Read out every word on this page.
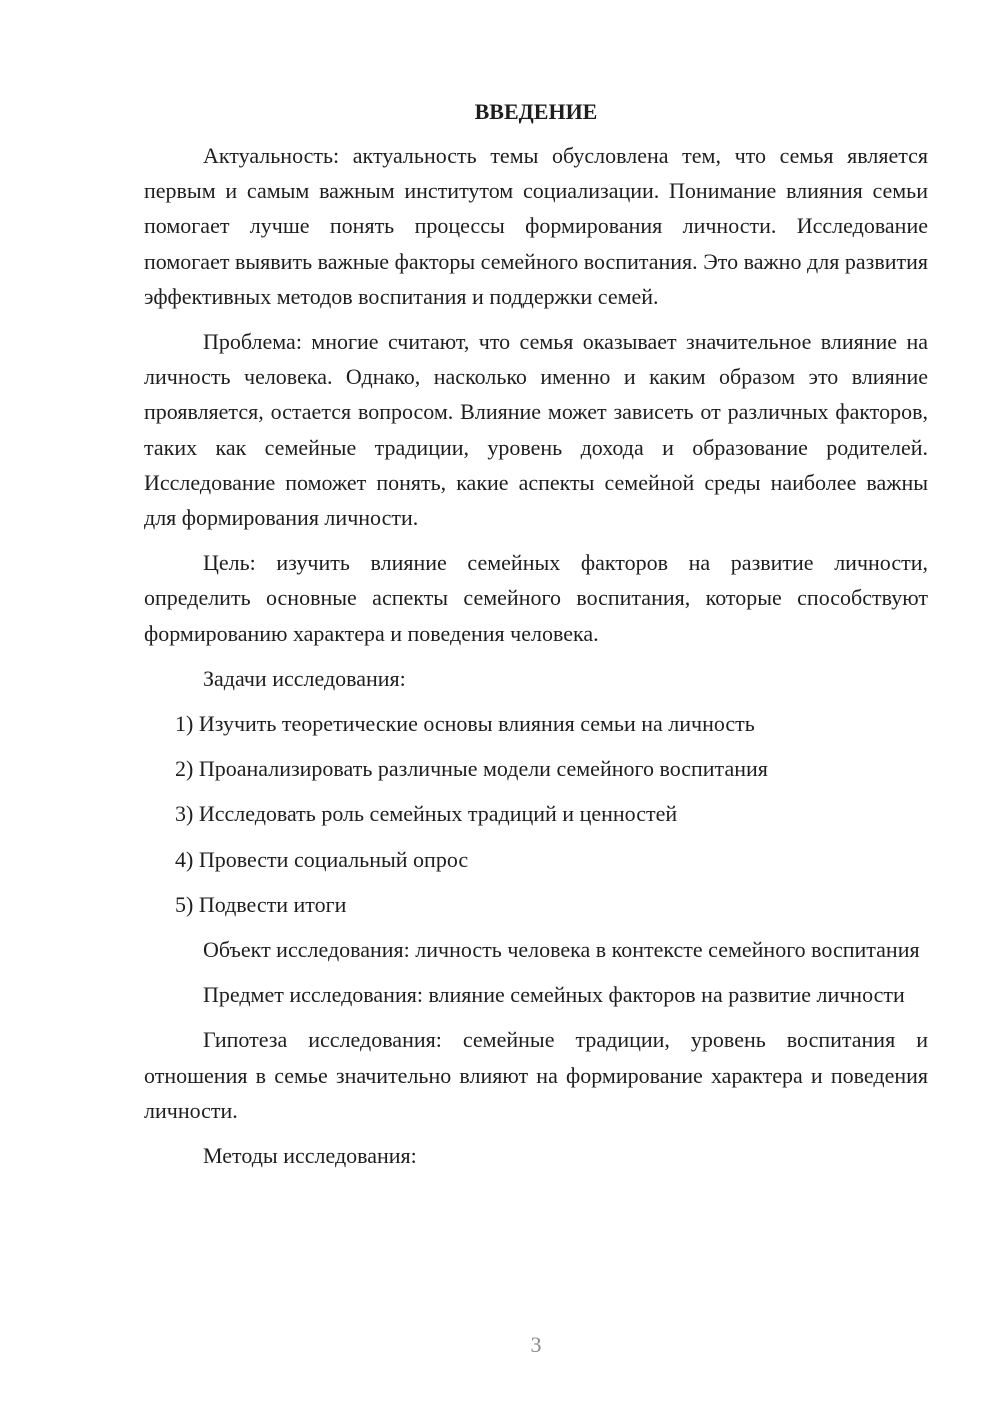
ВВЕДЕНИЕ

Актуальность: актуальность темы обусловлена тем, что семья является первым и самым важным институтом социализации. Понимание влияния семьи помогает лучше понять процессы формирования личности. Исследование помогает выявить важные факторы семейного воспитания. Это важно для развития эффективных методов воспитания и поддержки семей.

Проблема: многие считают, что семья оказывает значительное влияние на личность человека. Однако, насколько именно и каким образом это влияние проявляется, остается вопросом. Влияние может зависеть от различных факторов, таких как семейные традиции, уровень дохода и образование родителей. Исследование поможет понять, какие аспекты семейной среды наиболее важны для формирования личности.

Цель: изучить влияние семейных факторов на развитие личности, определить основные аспекты семейного воспитания, которые способствуют формированию характера и поведения человека.

Задачи исследования:

1) Изучить теоретические основы влияния семьи на личность
2) Проанализировать различные модели семейного воспитания
3) Исследовать роль семейных традиций и ценностей
4) Провести социальный опрос
5) Подвести итоги

Объект исследования: личность человека в контексте семейного воспитания

Предмет исследования: влияние семейных факторов на развитие личности

Гипотеза исследования: семейные традиции, уровень воспитания и отношения в семье значительно влияют на формирование характера и поведения личности.

Методы исследования:

3
